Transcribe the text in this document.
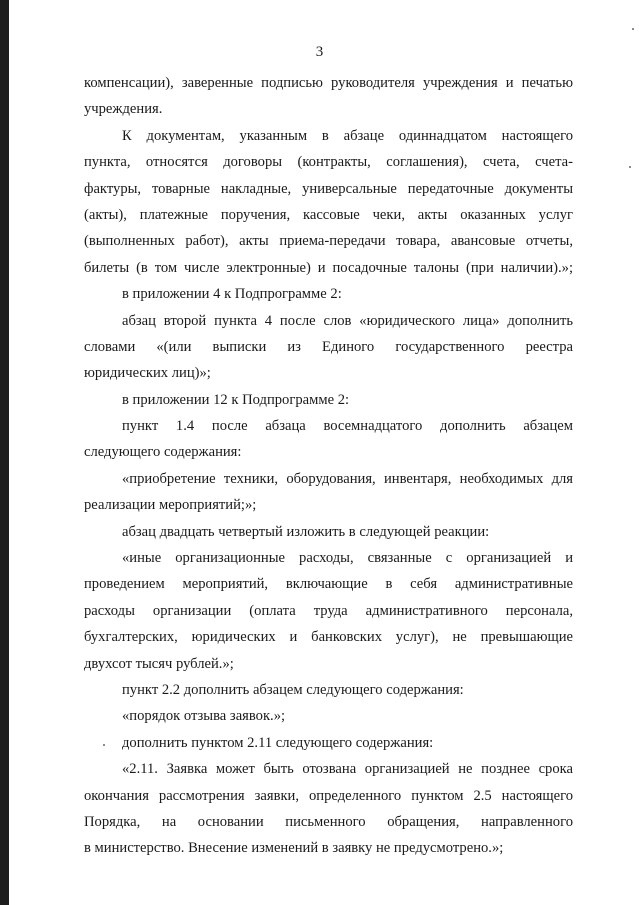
3
компенсации), заверенные подписью руководителя учреждения и печатью
учреждения.
К документам, указанным в абзаце одиннадцатом настоящего
пункта, относятся договоры (контракты, соглашения), счета, счета-
фактуры, товарные накладные, универсальные передаточные документы
(акты), платежные поручения, кассовые чеки, акты оказанных услуг
(выполненных работ), акты приема-передачи товара, авансовые отчеты,
билеты (в том числе электронные) и посадочные талоны (при наличии).»;
в приложении 4 к Подпрограмме 2:
абзац второй пункта 4 после слов «юридического лица» дополнить
словами «(или выписки из Единого государственного реестра
юридических лиц)»;
в приложении 12 к Подпрограмме 2:
пункт 1.4 после абзаца восемнадцатого дополнить абзацем
следующего содержания:
«приобретение техники, оборудования, инвентаря, необходимых для
реализации мероприятий;»;
абзац двадцать четвертый изложить в следующей реакции:
«иные организационные расходы, связанные с организацией и
проведением мероприятий, включающие в себя административные
расходы организации (оплата труда административного персонала,
бухгалтерских, юридических и банковских услуг), не превышающие
двухсот тысяч рублей.»;
пункт 2.2 дополнить абзацем следующего содержания:
«порядок отзыва заявок.»;
дополнить пунктом 2.11 следующего содержания:
«2.11. Заявка может быть отозвана организацией не позднее срока
окончания рассмотрения заявки, определенного пунктом 2.5 настоящего
Порядка, на основании письменного обращения, направленного
в министерство. Внесение изменений в заявку не предусмотрено.»;
